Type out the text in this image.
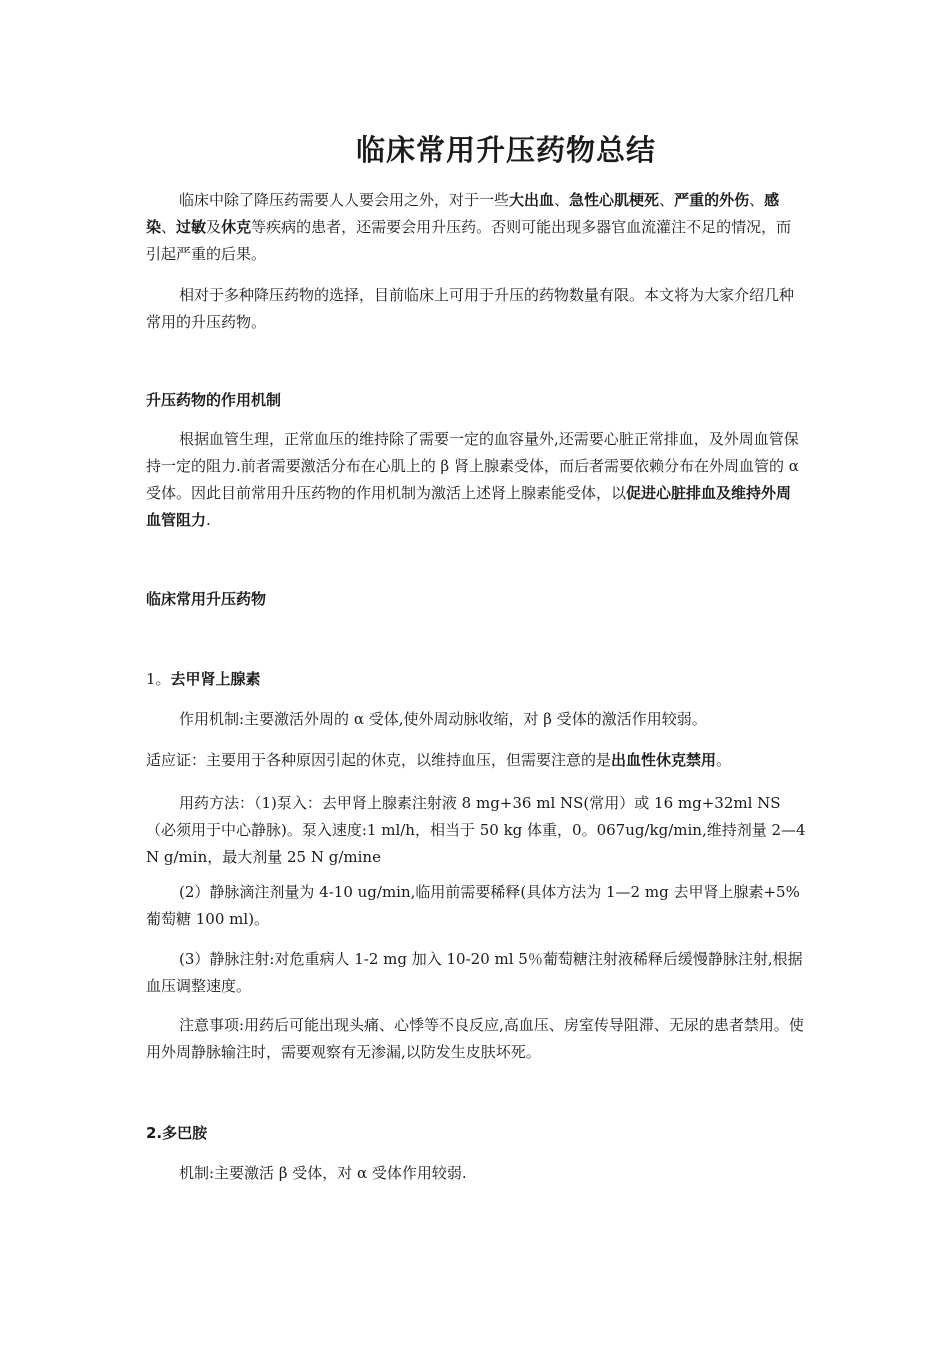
临床常用升压药物总结

临床中除了降压药需要人人要会用之外，对于一些大出血、急性心肌梗死、严重的外伤、感染、过敏及休克等疾病的患者，还需要会用升压药。否则可能出现多器官血流灌注不足的情况，而引起严重的后果。

相对于多种降压药物的选择，目前临床上可用于升压的药物数量有限。本文将为大家介绍几种常用的升压药物。

升压药物的作用机制

根据血管生理，正常血压的维持除了需要一定的血容量外,还需要心脏正常排血，及外周血管保持一定的阻力.前者需要激活分布在心肌上的 β 肾上腺素受体，而后者需要依赖分布在外周血管的 α 受体。因此目前常用升压药物的作用机制为激活上述肾上腺素能受体，以促进心脏排血及维持外周血管阻力.

临床常用升压药物
1。去甲肾上腺素

作用机制:主要激活外周的 α 受体,使外周动脉收缩，对 β 受体的激活作用较弱。

适应证：主要用于各种原因引起的休克，以维持血压，但需要注意的是出血性休克禁用。

用药方法：（1)泵入：去甲肾上腺素注射液 8 mg+36 ml NS(常用）或 16 mg+32ml NS（必须用于中心静脉)。泵入速度:1 ml/h，相当于 50 kg 体重，0。067ug/kg/min,维持剂量 2—4 N g/min，最大剂量 25 N g/mine

(2）静脉滴注剂量为 4-10 ug/min,临用前需要稀释(具体方法为 1—2 mg 去甲肾上腺素+5%葡萄糖 100 ml)。

(3）静脉注射:对危重病人 1-2 mg 加入 10-20 ml 5％葡萄糖注射液稀释后缓慢静脉注射,根据血压调整速度。

注意事项:用药后可能出现头痛、心悸等不良反应,高血压、房室传导阻滞、无尿的患者禁用。使用外周静脉输注时，需要观察有无渗漏,以防发生皮肤坏死。

2.多巴胺

机制:主要激活 β 受体，对 α 受体作用较弱.
